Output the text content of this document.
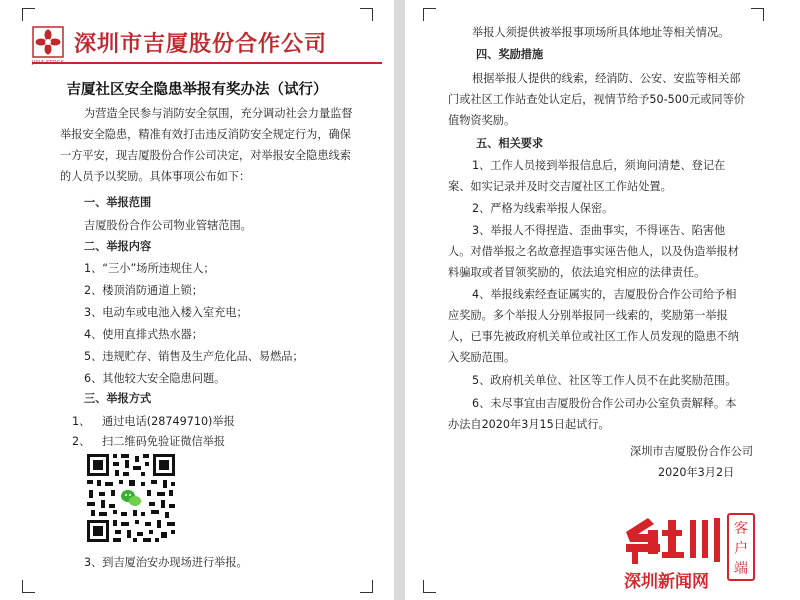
JIXIA STOCK
深圳市吉厦股份合作公司
吉厦社区安全隐患举报有奖办法（试行）
为营造全民参与消防安全氛围，充分调动社会力量监督
举报安全隐患，精准有效打击违反消防安全规定行为，确保
一方平安，现吉厦股份合作公司决定，对举报安全隐患线索
的人员予以奖励。具体事项公布如下：
一、举报范围
吉厦股份合作公司物业管辖范围。
二、举报内容
1、“三小”场所违规住人；
2、楼顶消防通道上锁；
3、电动车或电池入楼入室充电；
4、使用直排式热水器；
5、违规贮存、销售及生产危化品、易燃品；
6、其他较大安全隐患问题。
三、举报方式
1、 通过电话(28749710)举报
2、 扫二维码免验证微信举报
3、到吉厦治安办现场进行举报。
举报人须提供被举报事项场所具体地址等相关情况。
四、奖励措施
根据举报人提供的线索，经消防、公安、安监等相关部
门或社区工作站查处认定后，视情节给予50-500元或同等价
值物资奖励。
五、相关要求
1、工作人员接到举报信息后，须询问清楚、登记在
案、如实记录并及时交吉厦社区工作站处置。
2、严格为线索举报人保密。
3、举报人不得捏造、歪曲事实，不得诬告、陷害他
人。对借举报之名故意捏造事实诬告他人，以及伪造举报材
料骗取或者冒领奖励的，依法追究相应的法律责任。
4、举报线索经查证属实的，吉厦股份合作公司给予相
应奖励。多个举报人分别举报同一线索的，奖励第一举报
人，已事先被政府机关单位或社区工作人员发现的隐患不纳
入奖励范围。
5、政府机关单位、社区等工作人员不在此奖励范围。
6、未尽事宜由吉厦股份合作公司办公室负责解释。本
办法自2020年3月15日起试行。
深圳市吉厦股份合作公司
2020年3月2日
客
户
端
深圳新闻网
